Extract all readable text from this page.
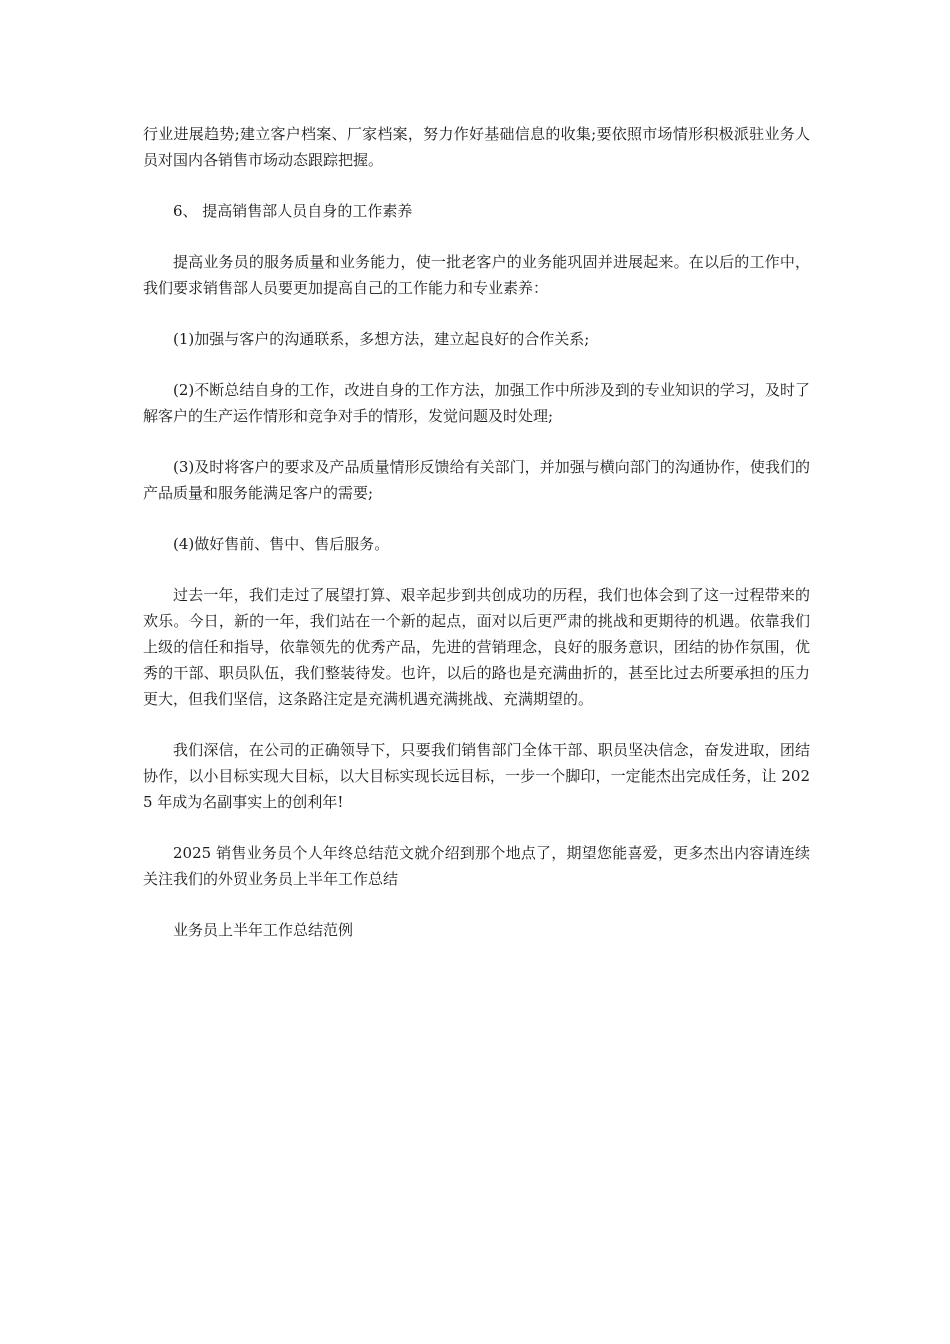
行业进展趋势;建立客户档案、厂家档案，努力作好基础信息的收集;要依照市场情形积极派驻业务人员对国内各销售市场动态跟踪把握。

6、 提高销售部人员自身的工作素养

提高业务员的服务质量和业务能力，使一批老客户的业务能巩固并进展起来。在以后的工作中，我们要求销售部人员要更加提高自己的工作能力和专业素养：

(1)加强与客户的沟通联系，多想方法，建立起良好的合作关系;

(2)不断总结自身的工作，改进自身的工作方法，加强工作中所涉及到的专业知识的学习，及时了解客户的生产运作情形和竞争对手的情形，发觉问题及时处理;

(3)及时将客户的要求及产品质量情形反馈给有关部门，并加强与横向部门的沟通协作，使我们的产品质量和服务能满足客户的需要;

(4)做好售前、售中、售后服务。

过去一年，我们走过了展望打算、艰辛起步到共创成功的历程，我们也体会到了这一过程带来的欢乐。今日，新的一年，我们站在一个新的起点，面对以后更严肃的挑战和更期待的机遇。依靠我们上级的信任和指导，依靠领先的优秀产品，先进的营销理念，良好的服务意识，团结的协作氛围，优秀的干部、职员队伍，我们整装待发。也许，以后的路也是充满曲折的，甚至比过去所要承担的压力更大，但我们坚信，这条路注定是充满机遇充满挑战、充满期望的。

我们深信，在公司的正确领导下，只要我们销售部门全体干部、职员坚决信念，奋发进取，团结协作，以小目标实现大目标，以大目标实现长远目标，一步一个脚印，一定能杰出完成任务，让 2025 年成为名副事实上的创利年!

2025 销售业务员个人年终总结范文就介绍到那个地点了，期望您能喜爱，更多杰出内容请连续关注我们的外贸业务员上半年工作总结

业务员上半年工作总结范例
